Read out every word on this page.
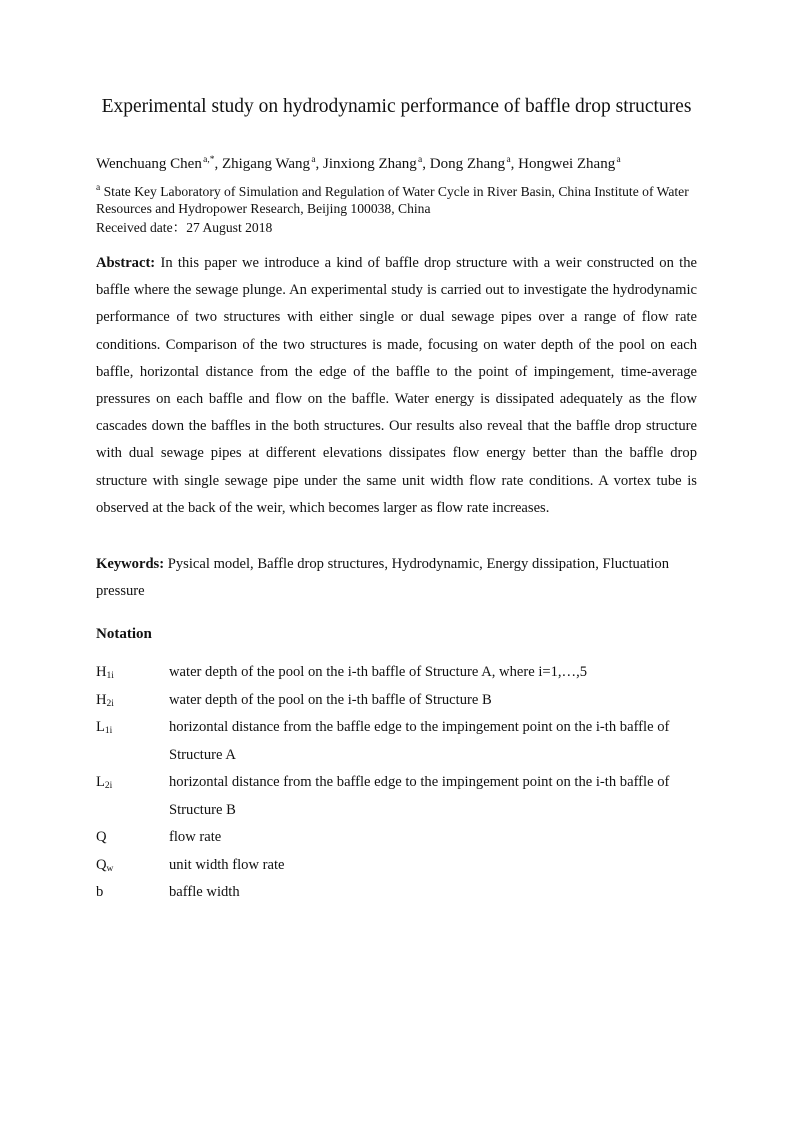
Experimental study on hydrodynamic performance of baffle drop structures
Wenchuang Chen $^{a,*}$, Zhigang Wang $^a$, Jinxiong Zhang $^a$, Dong Zhang $^a$, Hongwei Zhang $^a$
$^a$ State Key Laboratory of Simulation and Regulation of Water Cycle in River Basin, China Institute of Water Resources and Hydropower Research, Beijing 100038, China
Received date：27 August 2018

Abstract: In this paper we introduce a kind of baffle drop structure with a weir constructed on the baffle where the sewage plunge. An experimental study is carried out to investigate the hydrodynamic performance of two structures with either single or dual sewage pipes over a range of flow rate conditions. Comparison of the two structures is made, focusing on water depth of the pool on each baffle, horizontal distance from the edge of the baffle to the point of impingement, time-average pressures on each baffle and flow on the baffle. Water energy is dissipated adequately as the flow cascades down the baffles in the both structures. Our results also reveal that the baffle drop structure with dual sewage pipes at different elevations dissipates flow energy better than the baffle drop structure with single sewage pipe under the same unit width flow rate conditions. A vortex tube is observed at the back of the weir, which becomes larger as flow rate increases.

Keywords: Pysical model, Baffle drop structures, Hydrodynamic, Energy dissipation, Fluctuation pressure

Notation
$H_{1i}$	water depth of the pool on the i-th baffle of Structure A, where i=1,…,5
$H_{2i}$	water depth of the pool on the i-th baffle of Structure B
$L_{1i}$	horizontal distance from the baffle edge to the impingement point on the i-th baffle of Structure A
$L_{2i}$	horizontal distance from the baffle edge to the impingement point on the i-th baffle of Structure B
Q	flow rate
$Q_w$	unit width flow rate
b	baffle width
